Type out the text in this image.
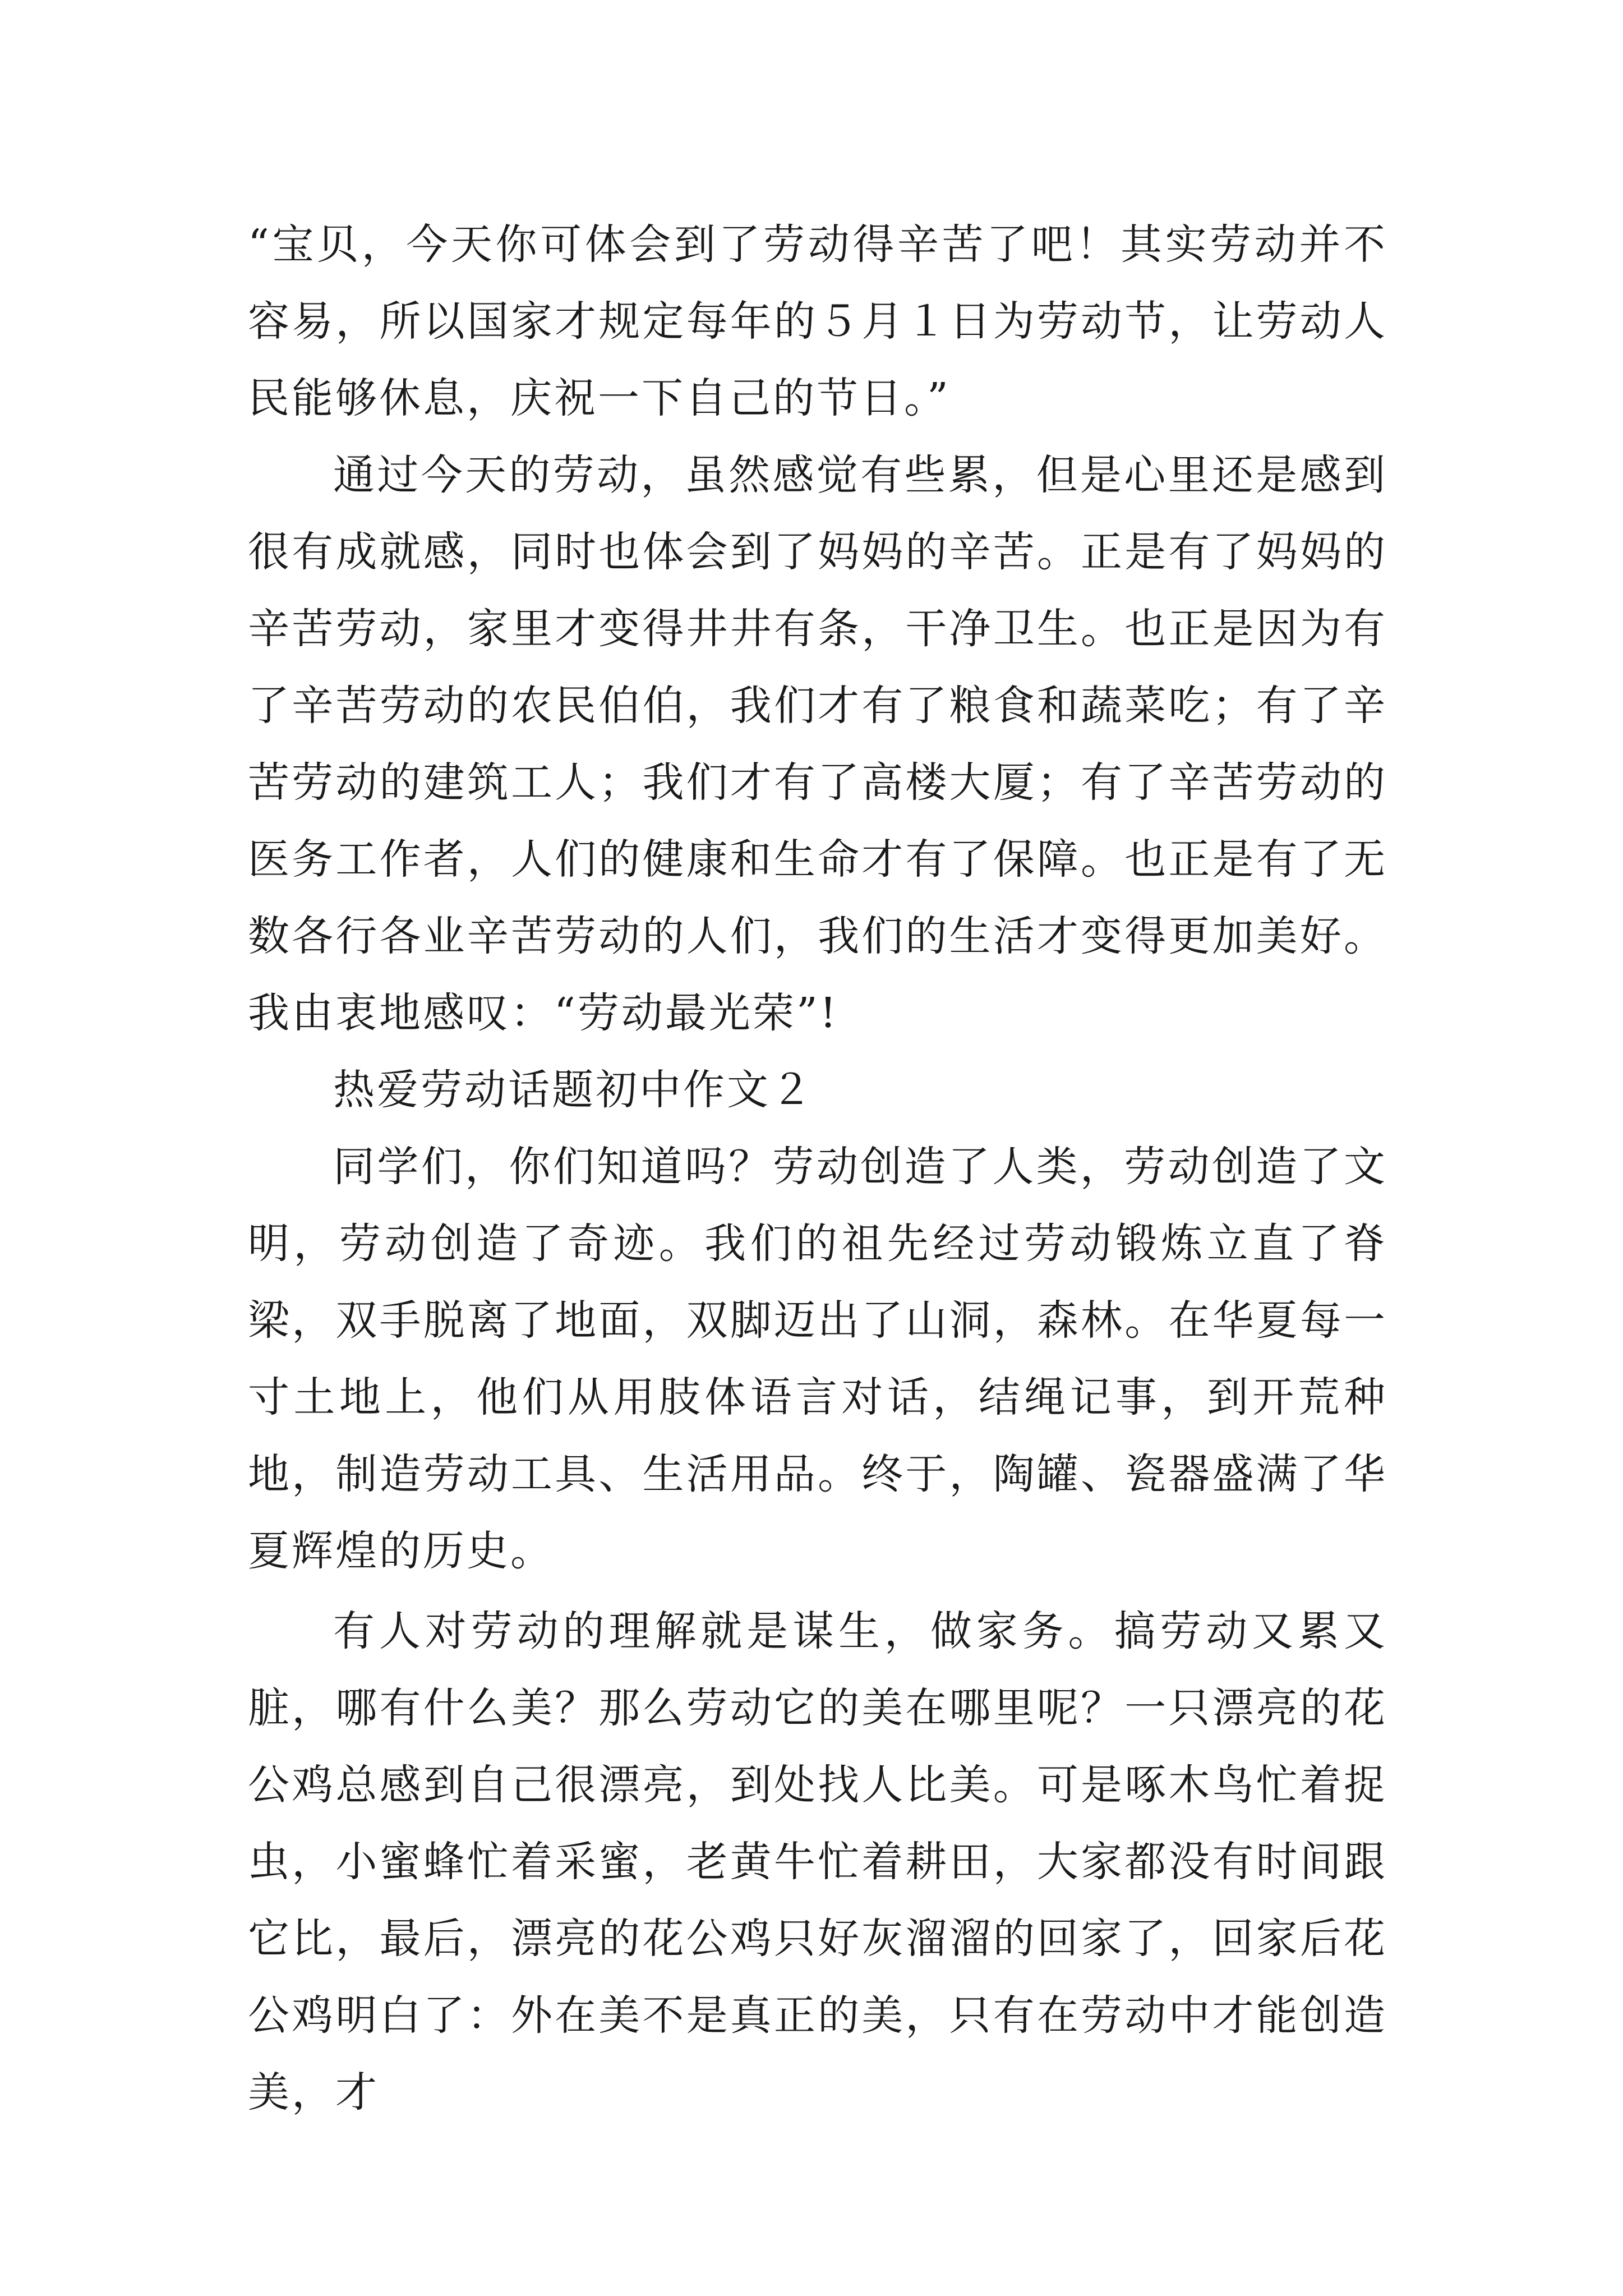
“宝贝，今天你可体会到了劳动得辛苦了吧！其实劳动并不容易，所以国家才规定每年的５月１日为劳动节，让劳动人民能够休息，庆祝一下自己的节日。”

通过今天的劳动，虽然感觉有些累，但是心里还是感到很有成就感，同时也体会到了妈妈的辛苦。正是有了妈妈的辛苦劳动，家里才变得井井有条，干净卫生。也正是因为有了辛苦劳动的农民伯伯，我们才有了粮食和蔬菜吃；有了辛苦劳动的建筑工人；我们才有了高楼大厦；有了辛苦劳动的医务工作者，人们的健康和生命才有了保障。也正是有了无数各行各业辛苦劳动的人们，我们的生活才变得更加美好。我由衷地感叹：“劳动最光荣”!

热爱劳动话题初中作文２

同学们，你们知道吗？劳动创造了人类，劳动创造了文明，劳动创造了奇迹。我们的祖先经过劳动锻炼立直了脊梁，双手脱离了地面，双脚迈出了山洞，森林。在华夏每一寸土地上，他们从用肢体语言对话，结绳记事，到开荒种地，制造劳动工具、生活用品。终于，陶罐、瓷器盛满了华夏辉煌的历史。

有人对劳动的理解就是谋生，做家务。搞劳动又累又脏，哪有什么美？那么劳动它的美在哪里呢？一只漂亮的花公鸡总感到自己很漂亮，到处找人比美。可是啄木鸟忙着捉虫，小蜜蜂忙着采蜜，老黄牛忙着耕田，大家都没有时间跟它比，最后，漂亮的花公鸡只好灰溜溜的回家了，回家后花公鸡明白了：外在美不是真正的美，只有在劳动中才能创造美，才
